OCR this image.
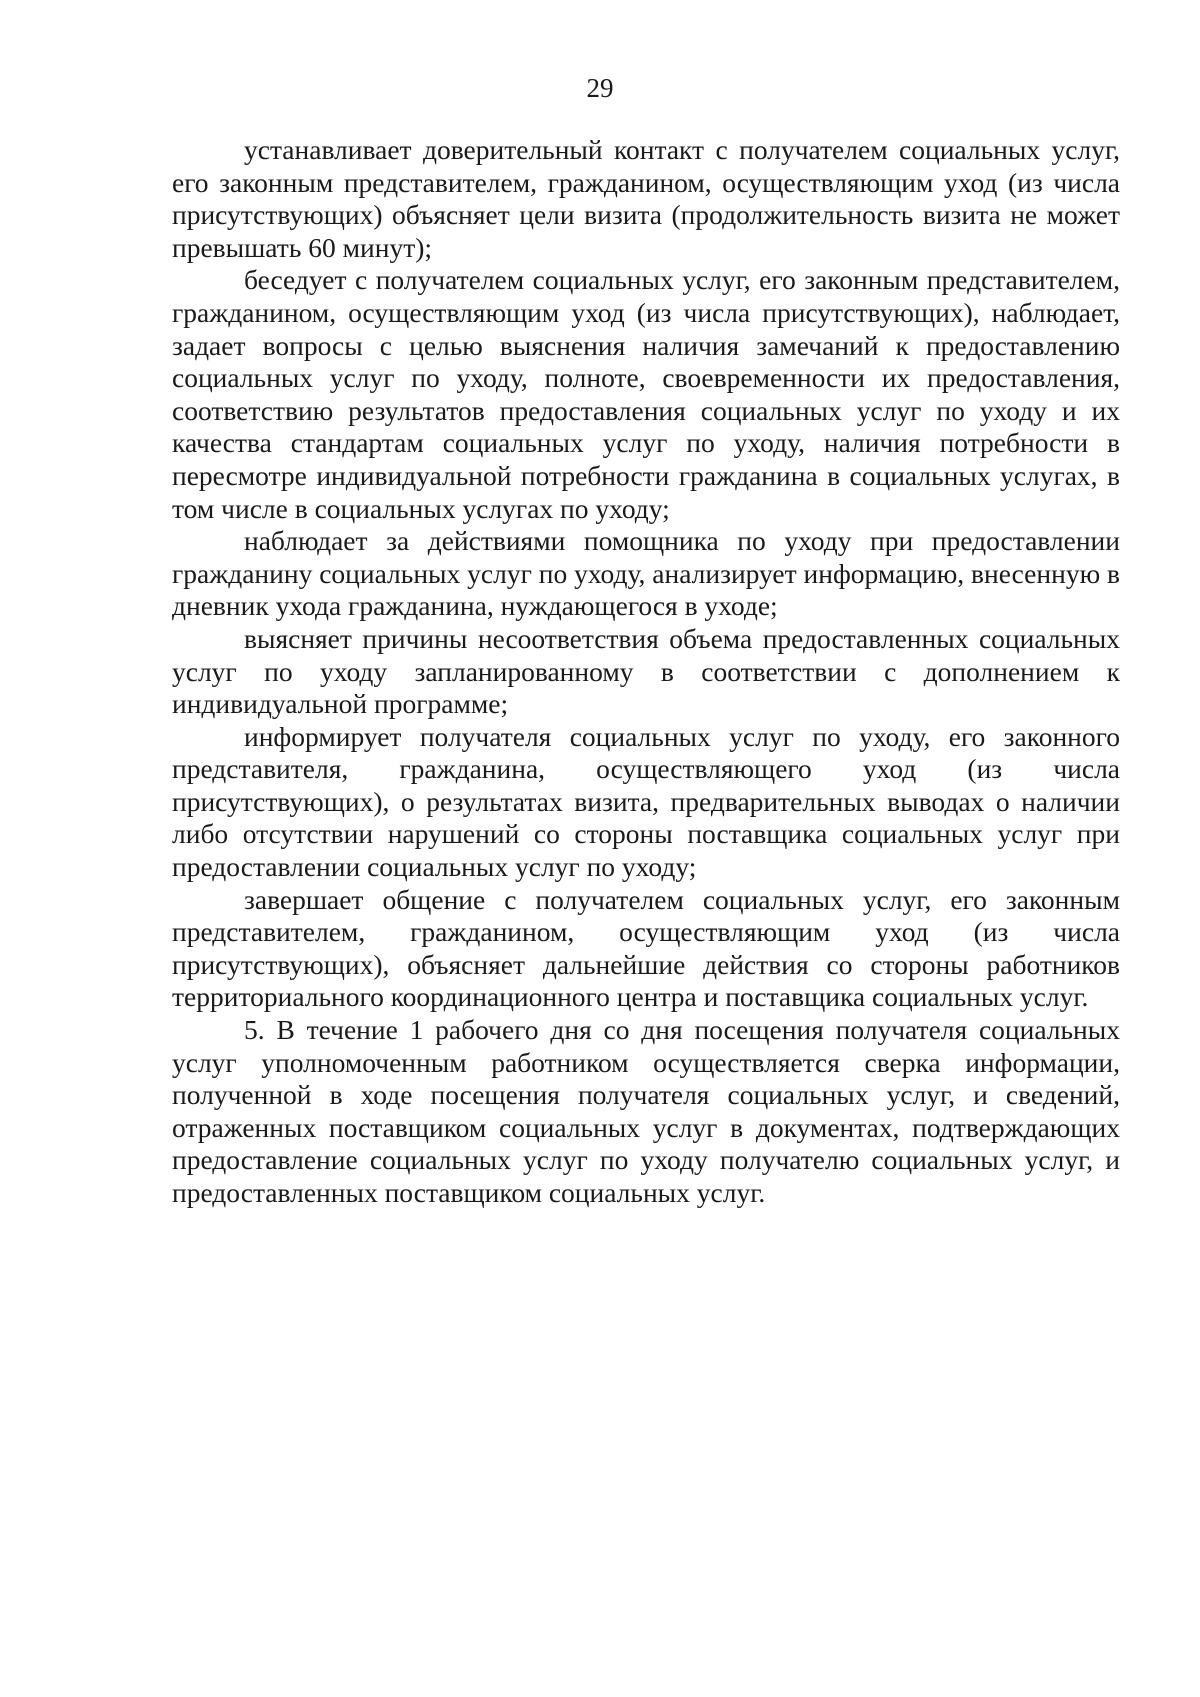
29

устанавливает доверительный контакт с получателем социальных услуг, его законным представителем, гражданином, осуществляющим уход (из числа присутствующих) объясняет цели визита (продолжительность визита не может превышать 60 минут);

беседует с получателем социальных услуг, его законным представителем, гражданином, осуществляющим уход (из числа присутствующих), наблюдает, задает вопросы с целью выяснения наличия замечаний к предоставлению социальных услуг по уходу, полноте, своевременности их предоставления, соответствию результатов предоставления социальных услуг по уходу и их качества стандартам социальных услуг по уходу, наличия потребности в пересмотре индивидуальной потребности гражданина в социальных услугах, в том числе в социальных услугах по уходу;

наблюдает за действиями помощника по уходу при предоставлении гражданину социальных услуг по уходу, анализирует информацию, внесенную в дневник ухода гражданина, нуждающегося в уходе;

выясняет причины несоответствия объема предоставленных социальных услуг по уходу запланированному в соответствии с дополнением к индивидуальной программе;

информирует получателя социальных услуг по уходу, его законного представителя, гражданина, осуществляющего уход (из числа присутствующих), о результатах визита, предварительных выводах о наличии либо отсутствии нарушений со стороны поставщика социальных услуг при предоставлении социальных услуг по уходу;

завершает общение с получателем социальных услуг, его законным представителем, гражданином, осуществляющим уход (из числа присутствующих), объясняет дальнейшие действия со стороны работников территориального координационного центра и поставщика социальных услуг.

5. В течение 1 рабочего дня со дня посещения получателя социальных услуг уполномоченным работником осуществляется сверка информации, полученной в ходе посещения получателя социальных услуг, и сведений, отраженных поставщиком социальных услуг в документах, подтверждающих предоставление социальных услуг по уходу получателю социальных услуг, и предоставленных поставщиком социальных услуг.
